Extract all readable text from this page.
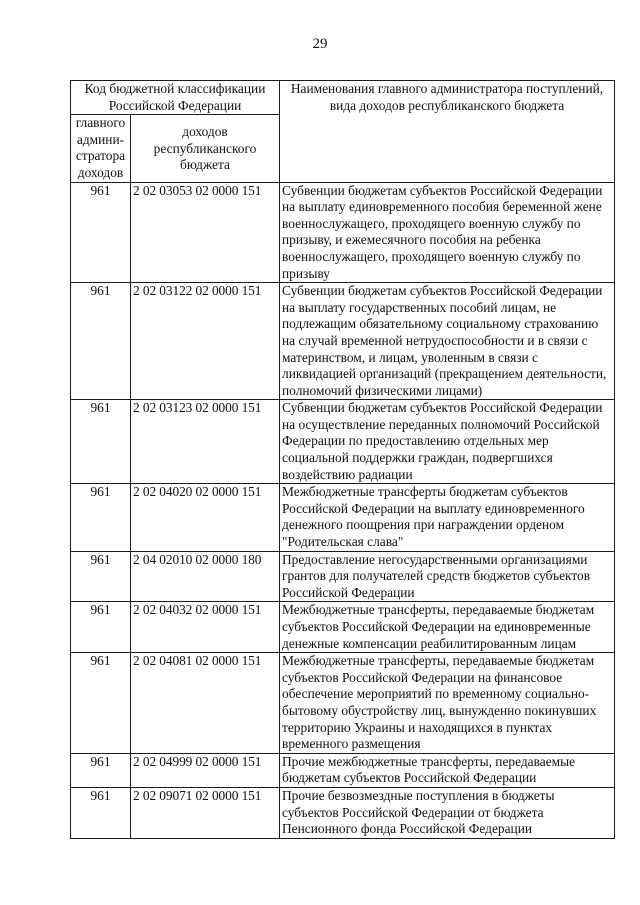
29
Код бюджетной классификации Российской Федерации		Наименования главного администратора поступлений, вида доходов республиканского бюджета
главного админи-стратора доходов	доходов республиканского бюджета	
961	2 02 03053 02 0000 151	Субвенции бюджетам субъектов Российской Федерации на выплату единовременного пособия беременной жене военнослужащего, проходящего военную службу по призыву, и ежемесячного пособия на ребенка военнослужащего, проходящего военную службу по призыву
961	2 02 03122 02 0000 151	Субвенции бюджетам субъектов Российской Федерации на выплату государственных пособий лицам, не подлежащим обязательному социальному страхованию на случай временной нетрудоспособности и в связи с материнством, и лицам, уволенным в связи с ликвидацией организаций (прекращением деятельности, полномочий физическими лицами)
961	2 02 03123 02 0000 151	Субвенции бюджетам субъектов Российской Федерации на осуществление переданных полномочий Российской Федерации по предоставлению отдельных мер социальной поддержки граждан, подвергшихся воздействию радиации
961	2 02 04020 02 0000 151	Межбюджетные трансферты бюджетам субъектов Российской Федерации на выплату единовременного денежного поощрения при награждении орденом "Родительская слава"
961	2 04 02010 02 0000 180	Предоставление негосударственными организациями грантов для получателей средств бюджетов субъектов Российской Федерации
961	2 02 04032 02 0000 151	Межбюджетные трансферты, передаваемые бюджетам субъектов Российской Федерации на единовременные денежные компенсации реабилитированным лицам
961	2 02 04081 02 0000 151	Межбюджетные трансферты, передаваемые бюджетам субъектов Российской Федерации на финансовое обеспечение мероприятий по временному социально-бытовому обустройству лиц, вынужденно покинувших территорию Украины и находящихся в пунктах временного размещения
961	2 02 04999 02 0000 151	Прочие межбюджетные трансферты, передаваемые бюджетам субъектов Российской Федерации
961	2 02 09071 02 0000 151	Прочие безвозмездные поступления в бюджеты субъектов Российской Федерации от бюджета Пенсионного фонда Российской Федерации
